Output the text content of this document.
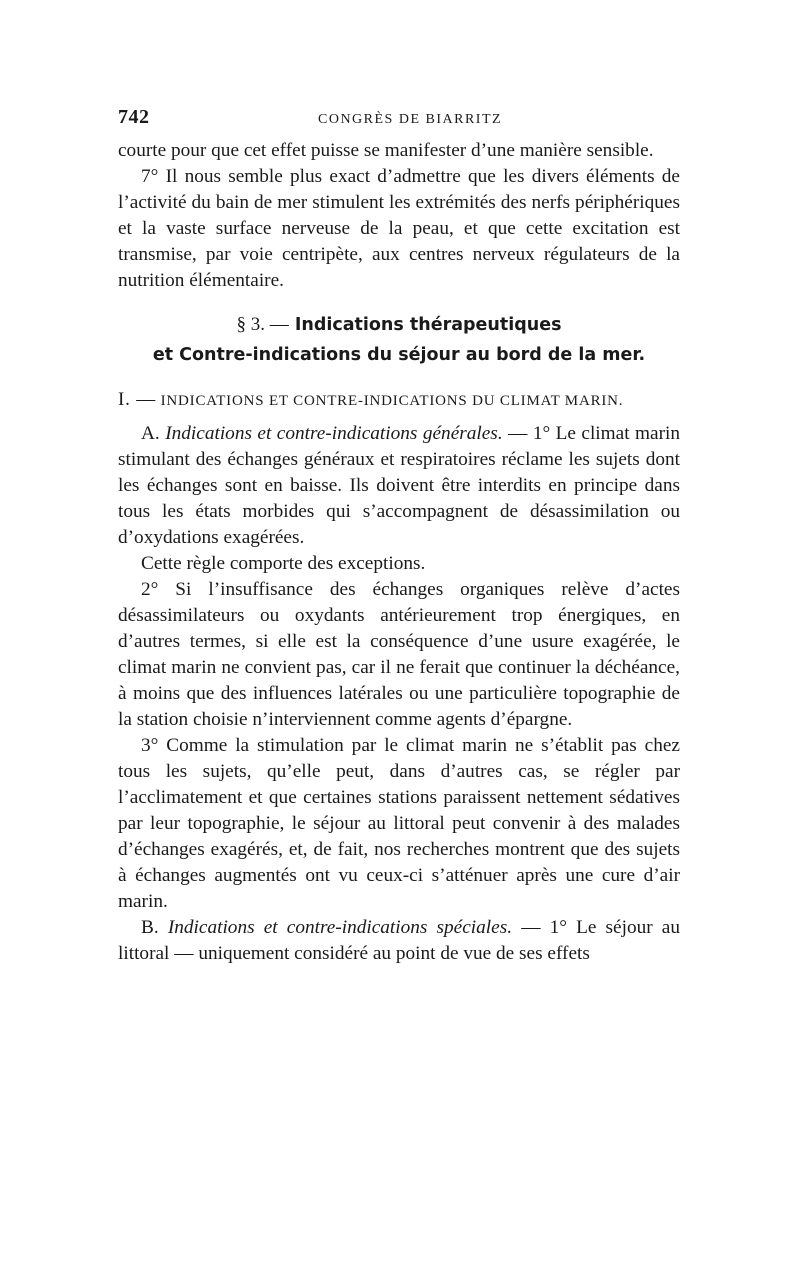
742	CONGRÈS DE BIARRITZ

courte pour que cet effet puisse se manifester d’une manière sensible.

7° Il nous semble plus exact d’admettre que les divers éléments de l’activité du bain de mer stimulent les extrémités des nerfs périphériques et la vaste surface nerveuse de la peau, et que cette excitation est transmise, par voie centripète, aux centres nerveux régulateurs de la nutrition élémentaire.

§ 3. — Indications thérapeutiques
et Contre-indications du séjour au bord de la mer.
I. — INDICATIONS ET CONTRE-INDICATIONS DU CLIMAT MARIN.

A. Indications et contre-indications générales. — 1° Le climat marin stimulant des échanges généraux et respiratoires réclame les sujets dont les échanges sont en baisse. Ils doivent être interdits en principe dans tous les états morbides qui s’accompagnent de désassimilation ou d’oxydations exagérées.

Cette règle comporte des exceptions.

2° Si l’insuffisance des échanges organiques relève d’actes désassimilateurs ou oxydants antérieurement trop énergiques, en d’autres termes, si elle est la conséquence d’une usure exagérée, le climat marin ne convient pas, car il ne ferait que continuer la déchéance, à moins que des influences latérales ou une particulière topographie de la station choisie n’interviennent comme agents d’épargne.

3° Comme la stimulation par le climat marin ne s’établit pas chez tous les sujets, qu’elle peut, dans d’autres cas, se régler par l’acclimatement et que certaines stations paraissent nettement sédatives par leur topographie, le séjour au littoral peut convenir à des malades d’échanges exagérés, et, de fait, nos recherches montrent que des sujets à échanges augmentés ont vu ceux-ci s’atténuer après une cure d’air marin.

B. Indications et contre-indications spéciales. — 1° Le séjour au littoral — uniquement considéré au point de vue de ses effets
